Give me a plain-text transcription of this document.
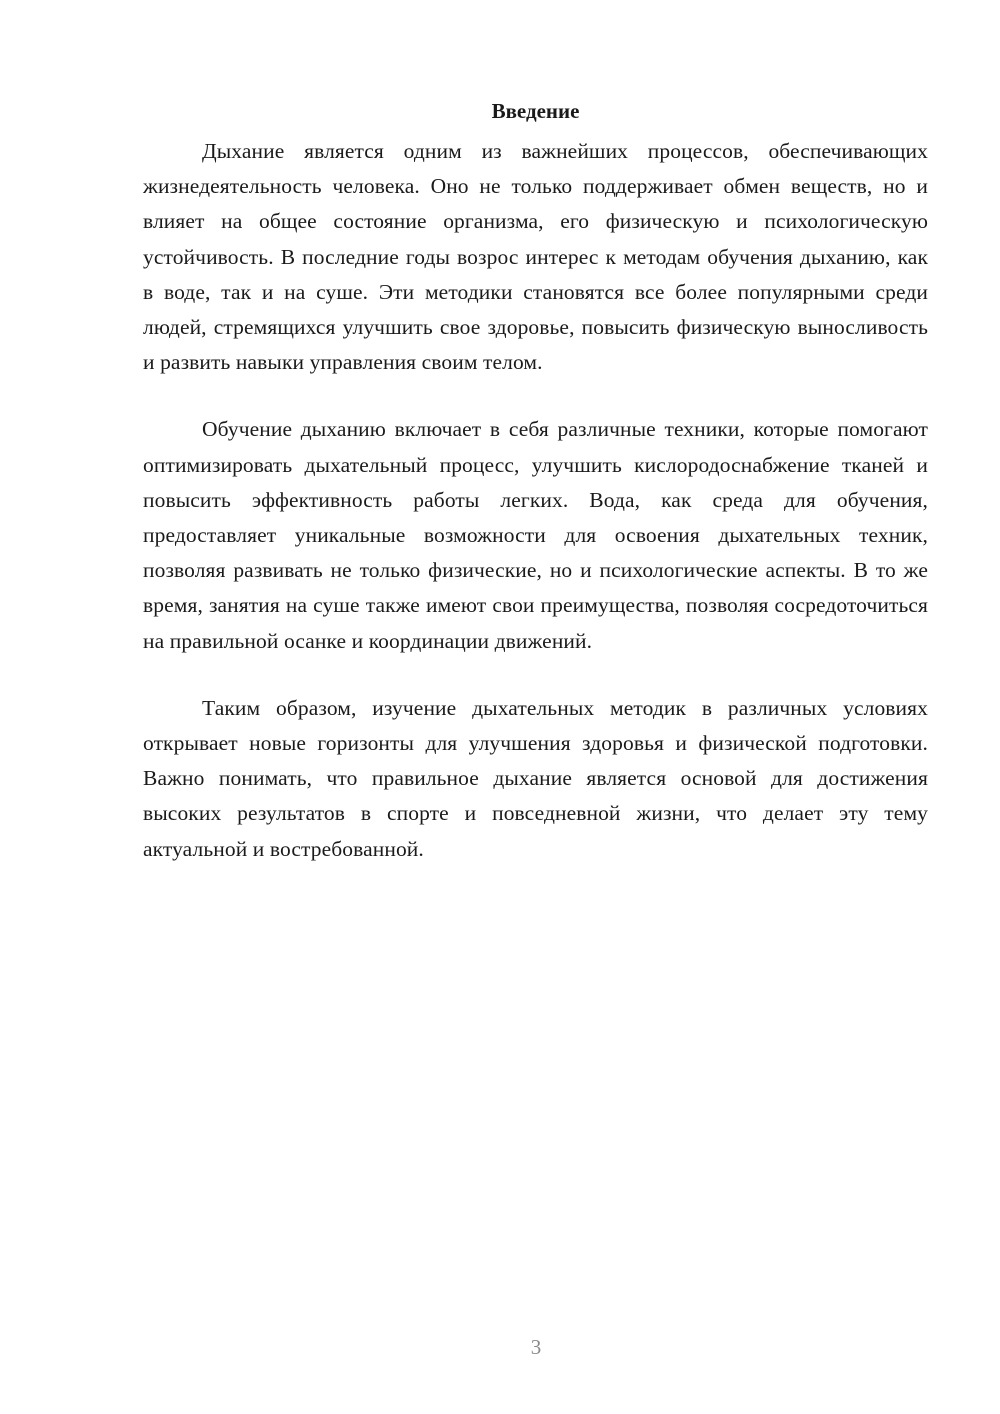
Введение

Дыхание является одним из важнейших процессов, обеспечивающих жизнедеятельность человека. Оно не только поддерживает обмен веществ, но и влияет на общее состояние организма, его физическую и психологическую устойчивость. В последние годы возрос интерес к методам обучения дыханию, как в воде, так и на суше. Эти методики становятся все более популярными среди людей, стремящихся улучшить свое здоровье, повысить физическую выносливость и развить навыки управления своим телом.

Обучение дыханию включает в себя различные техники, которые помогают оптимизировать дыхательный процесс, улучшить кислородоснабжение тканей и повысить эффективность работы легких. Вода, как среда для обучения, предоставляет уникальные возможности для освоения дыхательных техник, позволяя развивать не только физические, но и психологические аспекты. В то же время, занятия на суше также имеют свои преимущества, позволяя сосредоточиться на правильной осанке и координации движений.

Таким образом, изучение дыхательных методик в различных условиях открывает новые горизонты для улучшения здоровья и физической подготовки. Важно понимать, что правильное дыхание является основой для достижения высоких результатов в спорте и повседневной жизни, что делает эту тему актуальной и востребованной.

3
